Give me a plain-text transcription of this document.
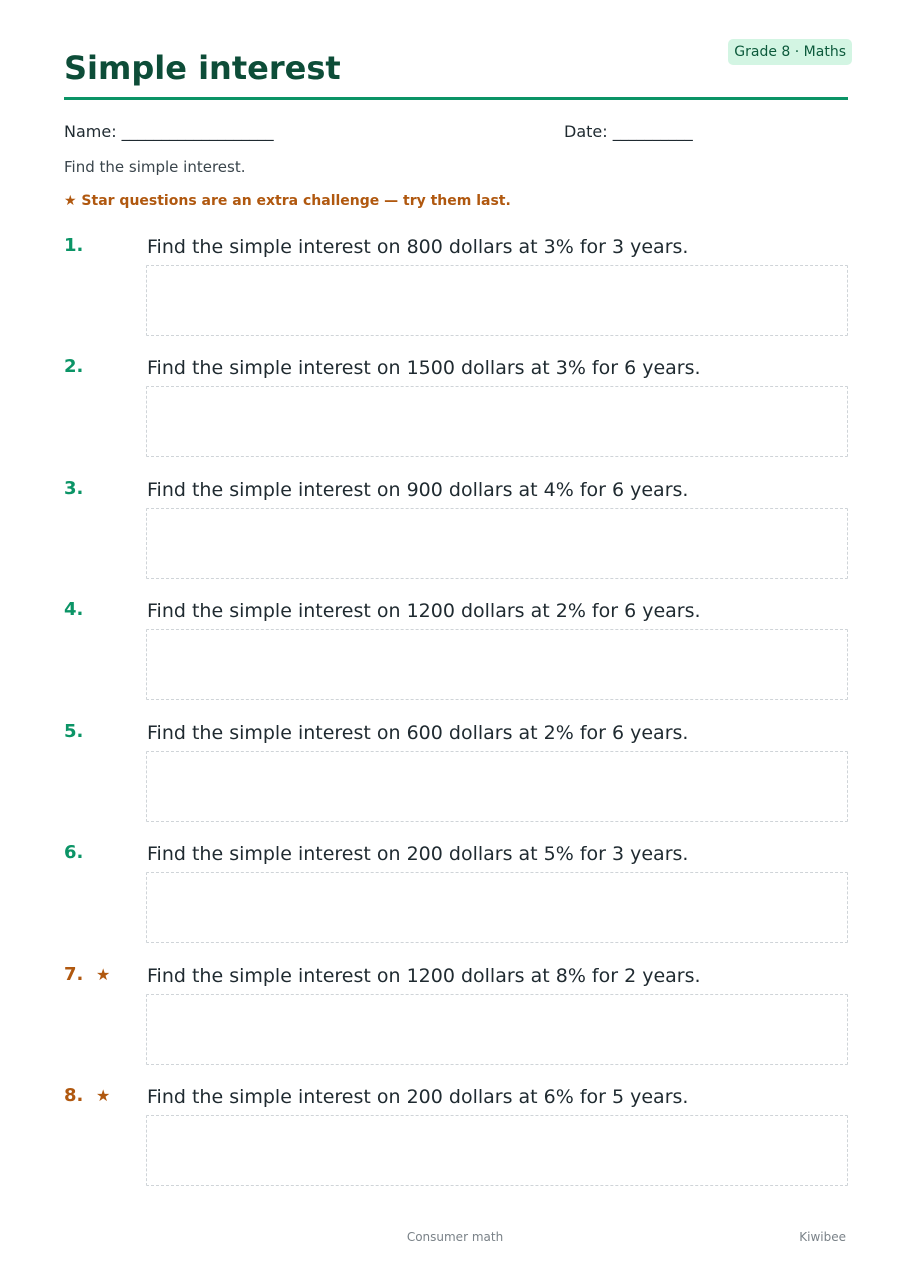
Grade 8 · Maths
Simple interest
Name: ___________________	Date: __________

Find the simple interest.

★ Star questions are an extra challenge — try them last.

1.	Find the simple interest on 800 dollars at 3% for 3 years.
2.	Find the simple interest on 1500 dollars at 3% for 6 years.
3.	Find the simple interest on 900 dollars at 4% for 6 years.
4.	Find the simple interest on 1200 dollars at 2% for 6 years.
5.	Find the simple interest on 600 dollars at 2% for 6 years.
6.	Find the simple interest on 200 dollars at 5% for 3 years.
7. ★ Find the simple interest on 1200 dollars at 8% for 2 years.
8. ★ Find the simple interest on 200 dollars at 6% for 5 years.
Consumer math	Kiwibee
